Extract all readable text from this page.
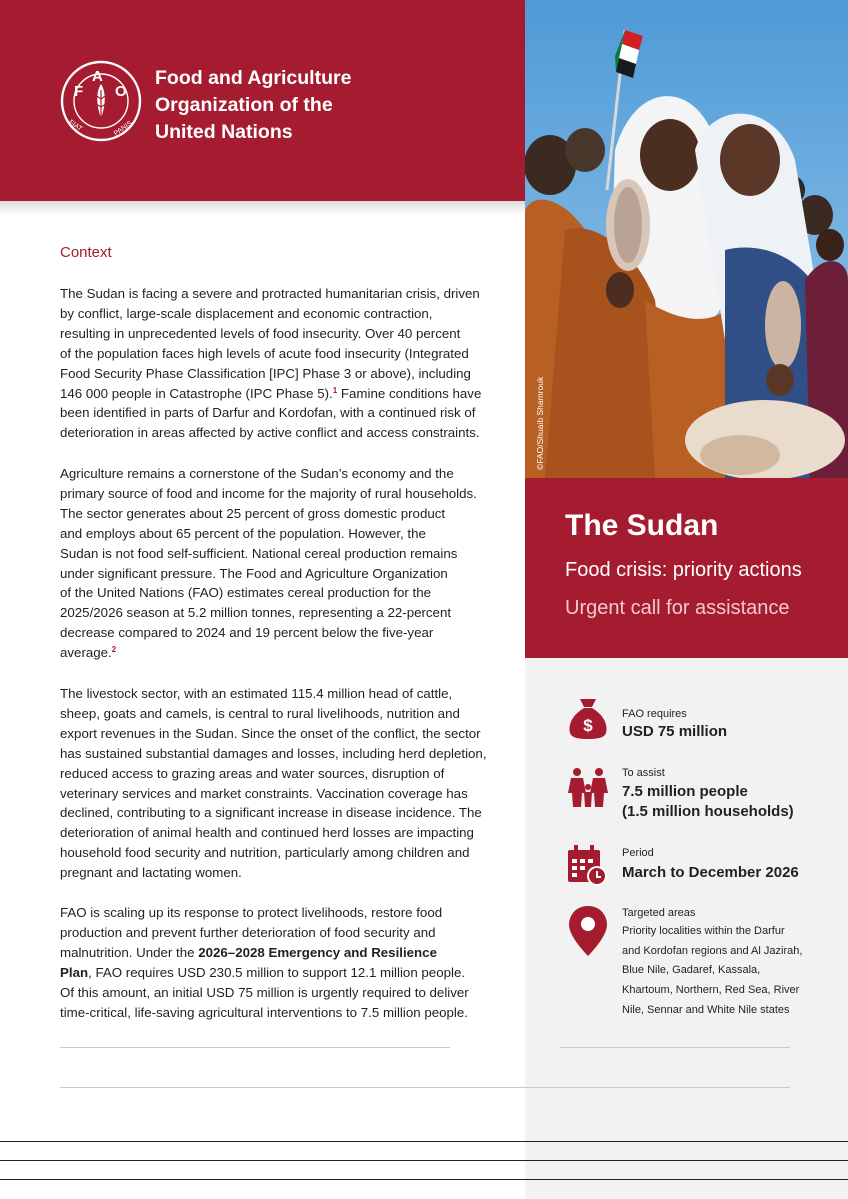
F
A
O
FIAT	PANIS
Food and Agriculture
Organization of the
United Nations
©FAO/Shuaib Shamrouk
The Sudan
Food crisis: priority actions
Urgent call for assistance
$
FAO requires
USD 75 million
To assist
7.5 million people
(1.5 million households)
Period
March to December 2026
Targeted areas
Priority localities within the Darfur
and Kordofan regions and Al Jazirah,
Blue Nile, Gadaref, Kassala,
Khartoum, Northern, Red Sea, River
Nile, Sennar and White Nile states
Context
The Sudan is facing a severe and protracted humanitarian crisis, driven
by conflict, large-scale displacement and economic contraction,
resulting in unprecedented levels of food insecurity. Over 40 percent
of the population faces high levels of acute food insecurity (Integrated
Food Security Phase Classification [IPC] Phase 3 or above), including
146 000 people in Catastrophe (IPC Phase 5).$^1$ Famine conditions have
been identified in parts of Darfur and Kordofan, with a continued risk of
deterioration in areas affected by active conflict and access constraints.
Agriculture remains a cornerstone of the Sudan’s economy and the
primary source of food and income for the majority of rural households.
The sector generates about 25 percent of gross domestic product
and employs about 65 percent of the population. However, the
Sudan is not food self-sufficient. National cereal production remains
under significant pressure. The Food and Agriculture Organization
of the United Nations (FAO) estimates cereal production for the
2025/2026 season at 5.2 million tonnes, representing a 22-percent
decrease compared to 2024 and 19 percent below the five-year
average.$^2$
The livestock sector, with an estimated 115.4 million head of cattle,
sheep, goats and camels, is central to rural livelihoods, nutrition and
export revenues in the Sudan. Since the onset of the conflict, the sector
has sustained substantial damages and losses, including herd depletion,
reduced access to grazing areas and water sources, disruption of
veterinary services and market constraints. Vaccination coverage has
declined, contributing to a significant increase in disease incidence. The
deterioration of animal health and continued herd losses are impacting
household food security and nutrition, particularly among children and
pregnant and lactating women.
FAO is scaling up its response to protect livelihoods, restore food
production and prevent further deterioration of food security and
malnutrition. Under the 2026–2028 Emergency and Resilience
Plan, FAO requires USD 230.5 million to support 12.1 million people.
Of this amount, an initial USD 75 million is urgently required to deliver
time-critical, life-saving agricultural interventions to 7.5 million people.
